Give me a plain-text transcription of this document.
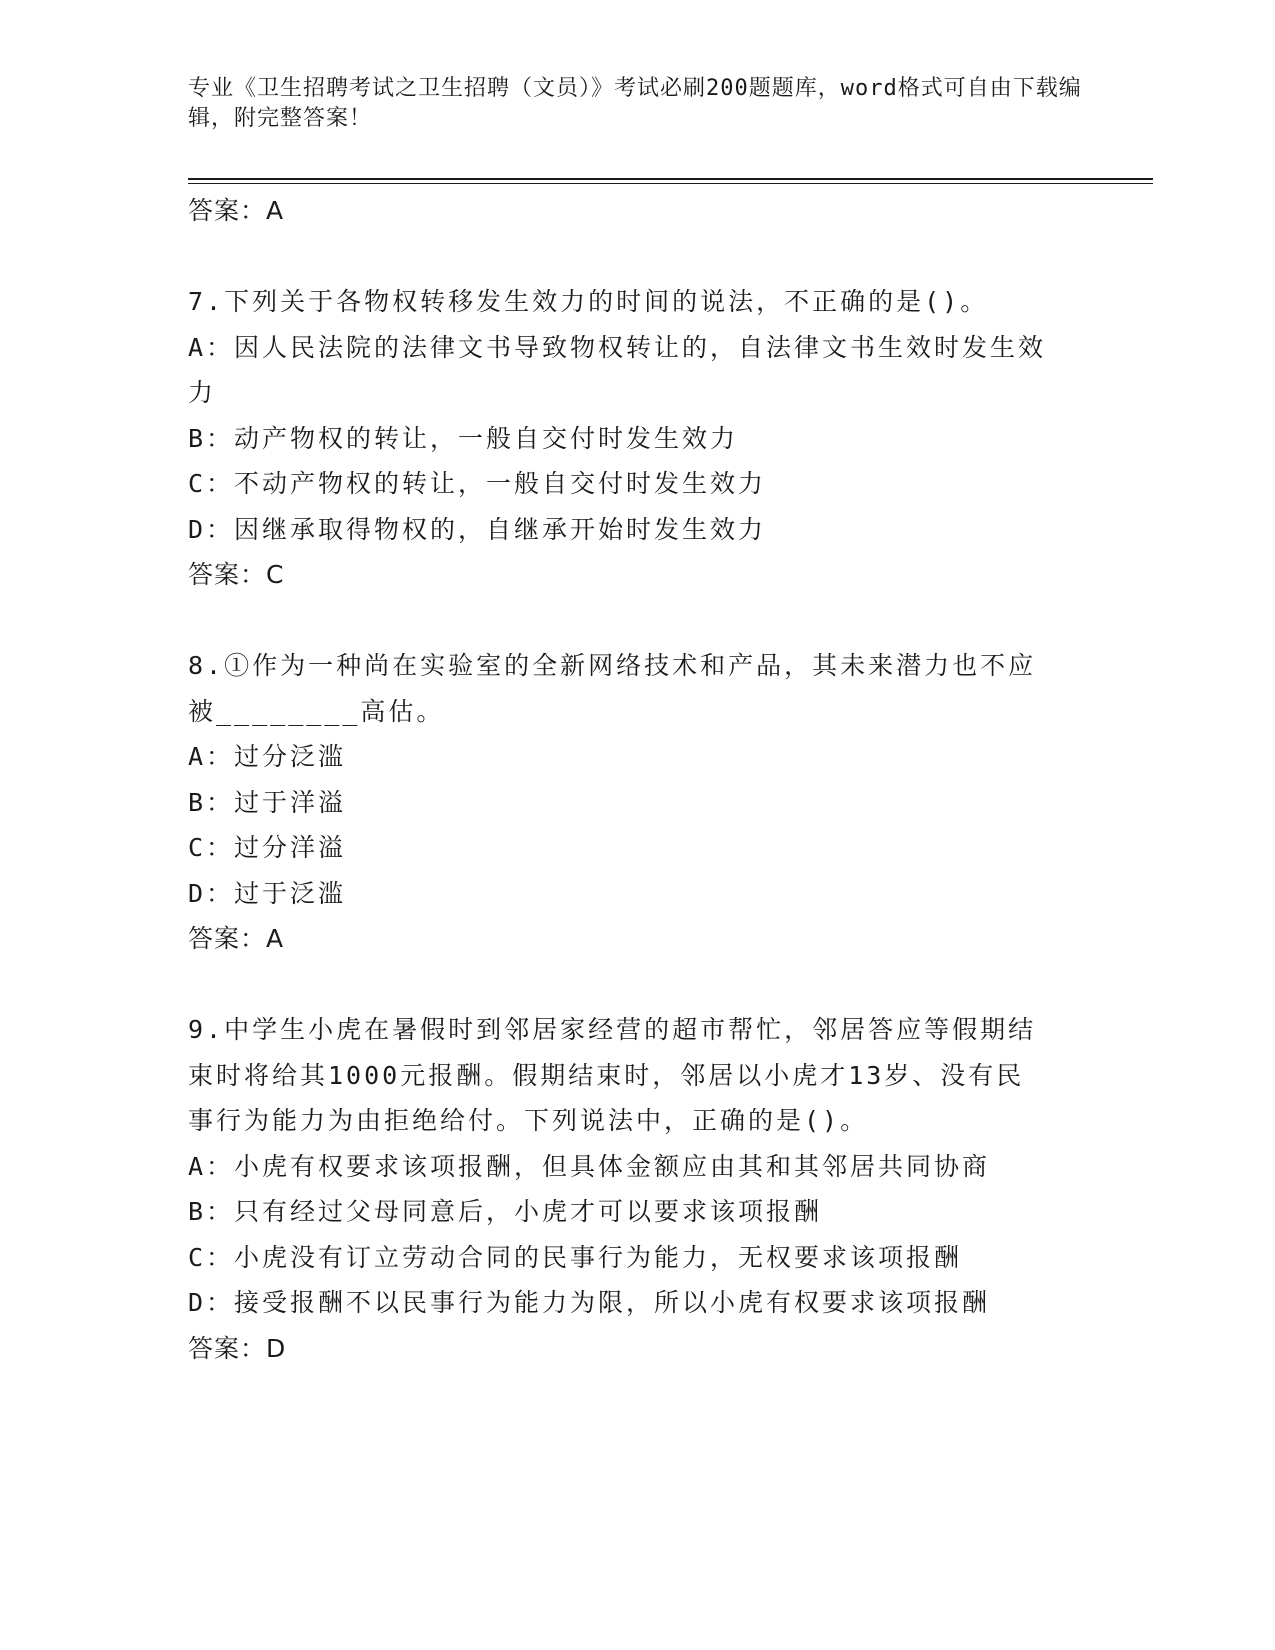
专业《卫生招聘考试之卫生招聘（文员）》考试必刷200题题库，word格式可自由下载编辑，附完整答案！
答案：A
7.下列关于各物权转移发生效力的时间的说法，不正确的是()。
A：因人民法院的法律文书导致物权转让的，自法律文书生效时发生效
力
B：动产物权的转让，一般自交付时发生效力
C：不动产物权的转让，一般自交付时发生效力
D：因继承取得物权的，自继承开始时发生效力
答案：C
8.①作为一种尚在实验室的全新网络技术和产品，其未来潜力也不应
被________高估。
A：过分泛滥
B：过于洋溢
C：过分洋溢
D：过于泛滥
答案：A
9.中学生小虎在暑假时到邻居家经营的超市帮忙，邻居答应等假期结
束时将给其1000元报酬。假期结束时，邻居以小虎才13岁、没有民
事行为能力为由拒绝给付。下列说法中，正确的是()。
A：小虎有权要求该项报酬，但具体金额应由其和其邻居共同协商
B：只有经过父母同意后，小虎才可以要求该项报酬
C：小虎没有订立劳动合同的民事行为能力，无权要求该项报酬
D：接受报酬不以民事行为能力为限，所以小虎有权要求该项报酬
答案：D
